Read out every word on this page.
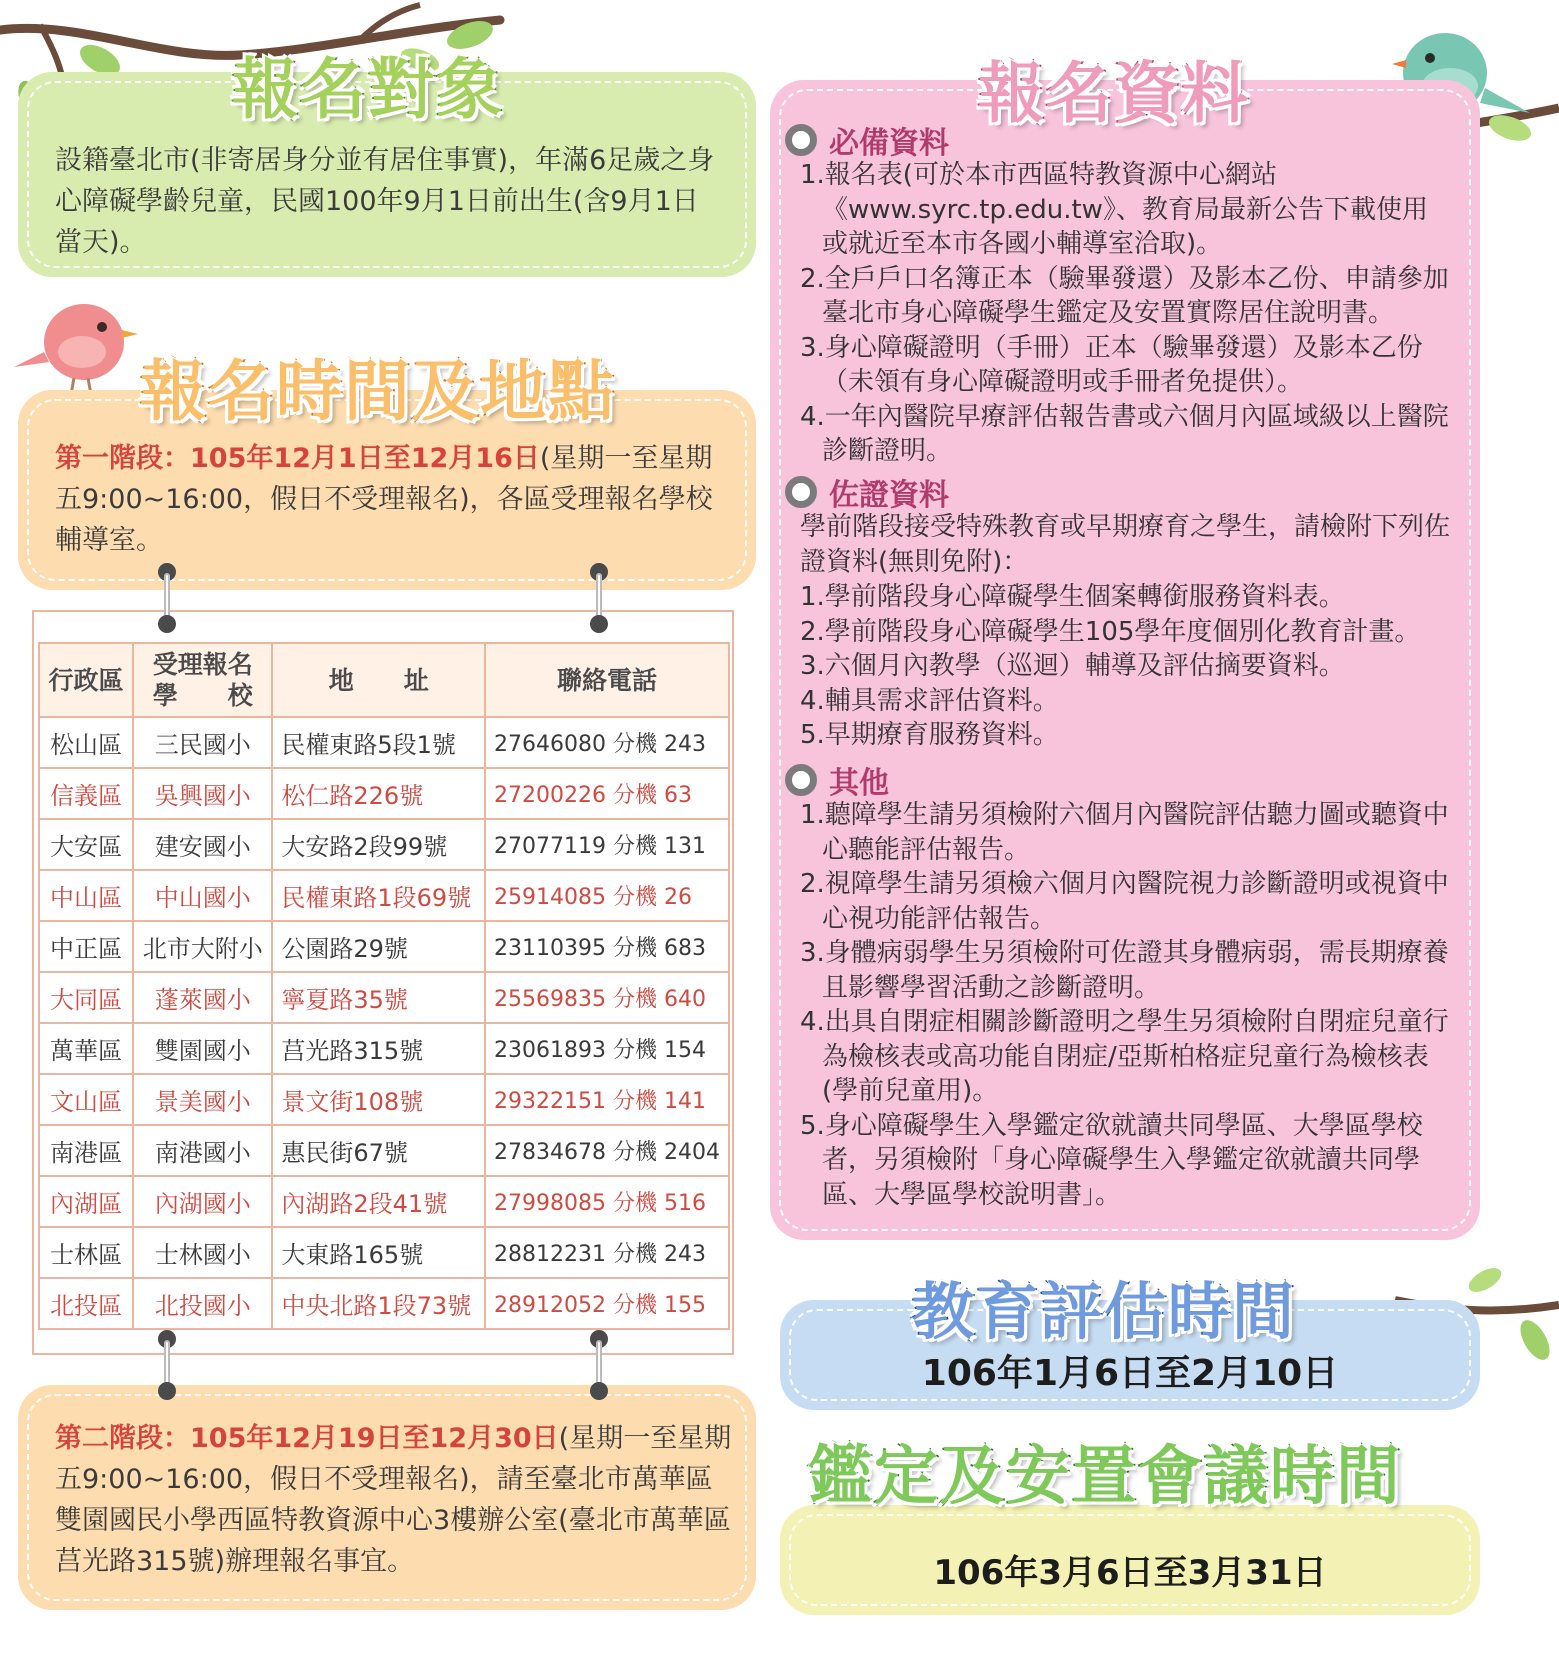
報名對象
設籍臺北市(非寄居身分並有居住事實)，年滿6足歲之身心障礙學齡兒童，民國100年9月1日前出生(含9月1日當天)。
報名時間及地點
第一階段：105年12月1日至12月16日(星期一至星期五9:00~16:00，假日不受理報名)，各區受理報名學校輔導室。
行政區	受理報名學　　校	地　　址	聯絡電話
松山區	三民國小	民權東路5段1號	27646080 分機 243
信義區	吳興國小	松仁路226號	27200226 分機 63
大安區	建安國小	大安路2段99號	27077119 分機 131
中山區	中山國小	民權東路1段69號	25914085 分機 26
中正區	北市大附小	公園路29號	23110395 分機 683
大同區	蓬萊國小	寧夏路35號	25569835 分機 640
萬華區	雙園國小	莒光路315號	23061893 分機 154
文山區	景美國小	景文街108號	29322151 分機 141
南港區	南港國小	惠民街67號	27834678 分機 2404
內湖區	內湖國小	內湖路2段41號	27998085 分機 516
士林區	士林國小	大東路165號	28812231 分機 243
北投區	北投國小	中央北路1段73號	28912052 分機 155
第二階段：105年12月19日至12月30日(星期一至星期五9:00~16:00，假日不受理報名)，請至臺北市萬華區雙園國民小學西區特教資源中心3樓辦公室(臺北市萬華區莒光路315號)辦理報名事宜。
報名資料
必備資料
1.報名表(可於本市西區特教資源中心網站《www.syrc.tp.edu.tw》、教育局最新公告下載使用或就近至本市各國小輔導室洽取)。
2.全戶戶口名簿正本（驗畢發還）及影本乙份、申請參加臺北市身心障礙學生鑑定及安置實際居住說明書。
3.身心障礙證明（手冊）正本（驗畢發還）及影本乙份（未領有身心障礙證明或手冊者免提供）。
4.一年內醫院早療評估報告書或六個月內區域級以上醫院診斷證明。
佐證資料
學前階段接受特殊教育或早期療育之學生，請檢附下列佐證資料(無則免附)：
1.學前階段身心障礙學生個案轉銜服務資料表。
2.學前階段身心障礙學生105學年度個別化教育計畫。
3.六個月內教學（巡迴）輔導及評估摘要資料。
4.輔具需求評估資料。
5.早期療育服務資料。
其他
1.聽障學生請另須檢附六個月內醫院評估聽力圖或聽資中心聽能評估報告。
2.視障學生請另須檢六個月內醫院視力診斷證明或視資中心視功能評估報告。
3.身體病弱學生另須檢附可佐證其身體病弱，需長期療養且影響學習活動之診斷證明。
4.出具自閉症相關診斷證明之學生另須檢附自閉症兒童行為檢核表或高功能自閉症/亞斯柏格症兒童行為檢核表(學前兒童用)。
5.身心障礙學生入學鑑定欲就讀共同學區、大學區學校者，另須檢附「身心障礙學生入學鑑定欲就讀共同學區、大學區學校說明書」。
教育評估時間
106年1月6日至2月10日
鑑定及安置會議時間
106年3月6日至3月31日
